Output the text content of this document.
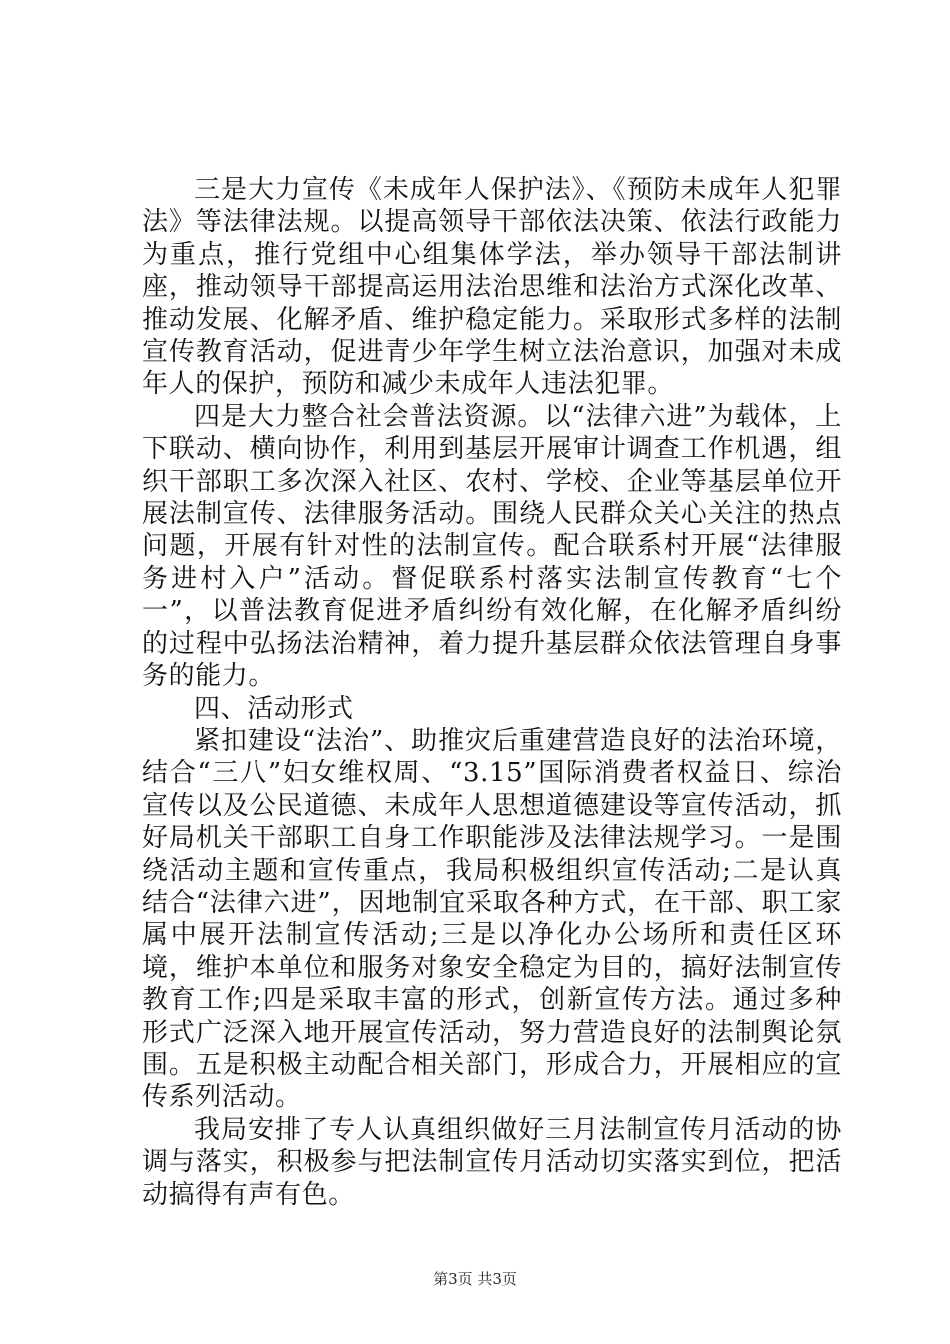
三是大力宣传《未成年人保护法》、《预防未成年人犯罪法》等法律法规。以提高领导干部依法决策、依法行政能力为重点，推行党组中心组集体学法，举办领导干部法制讲座，推动领导干部提高运用法治思维和法治方式深化改革、推动发展、化解矛盾、维护稳定能力。采取形式多样的法制宣传教育活动，促进青少年学生树立法治意识，加强对未成年人的保护，预防和减少未成年人违法犯罪。

四是大力整合社会普法资源。以“法律六进”为载体，上下联动、横向协作，利用到基层开展审计调查工作机遇，组织干部职工多次深入社区、农村、学校、企业等基层单位开展法制宣传、法律服务活动。围绕人民群众关心关注的热点问题，开展有针对性的法制宣传。配合联系村开展“法律服务进村入户”活动。督促联系村落实法制宣传教育“七个一”，以普法教育促进矛盾纠纷有效化解，在化解矛盾纠纷的过程中弘扬法治精神，着力提升基层群众依法管理自身事务的能力。

四、活动形式

紧扣建设“法治”、助推灾后重建营造良好的法治环境，结合“三八”妇女维权周、“3.15”国际消费者权益日、综治宣传以及公民道德、未成年人思想道德建设等宣传活动，抓好局机关干部职工自身工作职能涉及法律法规学习。一是围绕活动主题和宣传重点，我局积极组织宣传活动;二是认真结合“法律六进”，因地制宜采取各种方式，在干部、职工家属中展开法制宣传活动;三是以净化办公场所和责任区环境，维护本单位和服务对象安全稳定为目的，搞好法制宣传教育工作;四是采取丰富的形式，创新宣传方法。通过多种形式广泛深入地开展宣传活动，努力营造良好的法制舆论氛围。五是积极主动配合相关部门，形成合力，开展相应的宣传系列活动。

我局安排了专人认真组织做好三月法制宣传月活动的协调与落实，积极参与把法制宣传月活动切实落实到位，把活动搞得有声有色。

第3页 共3页
